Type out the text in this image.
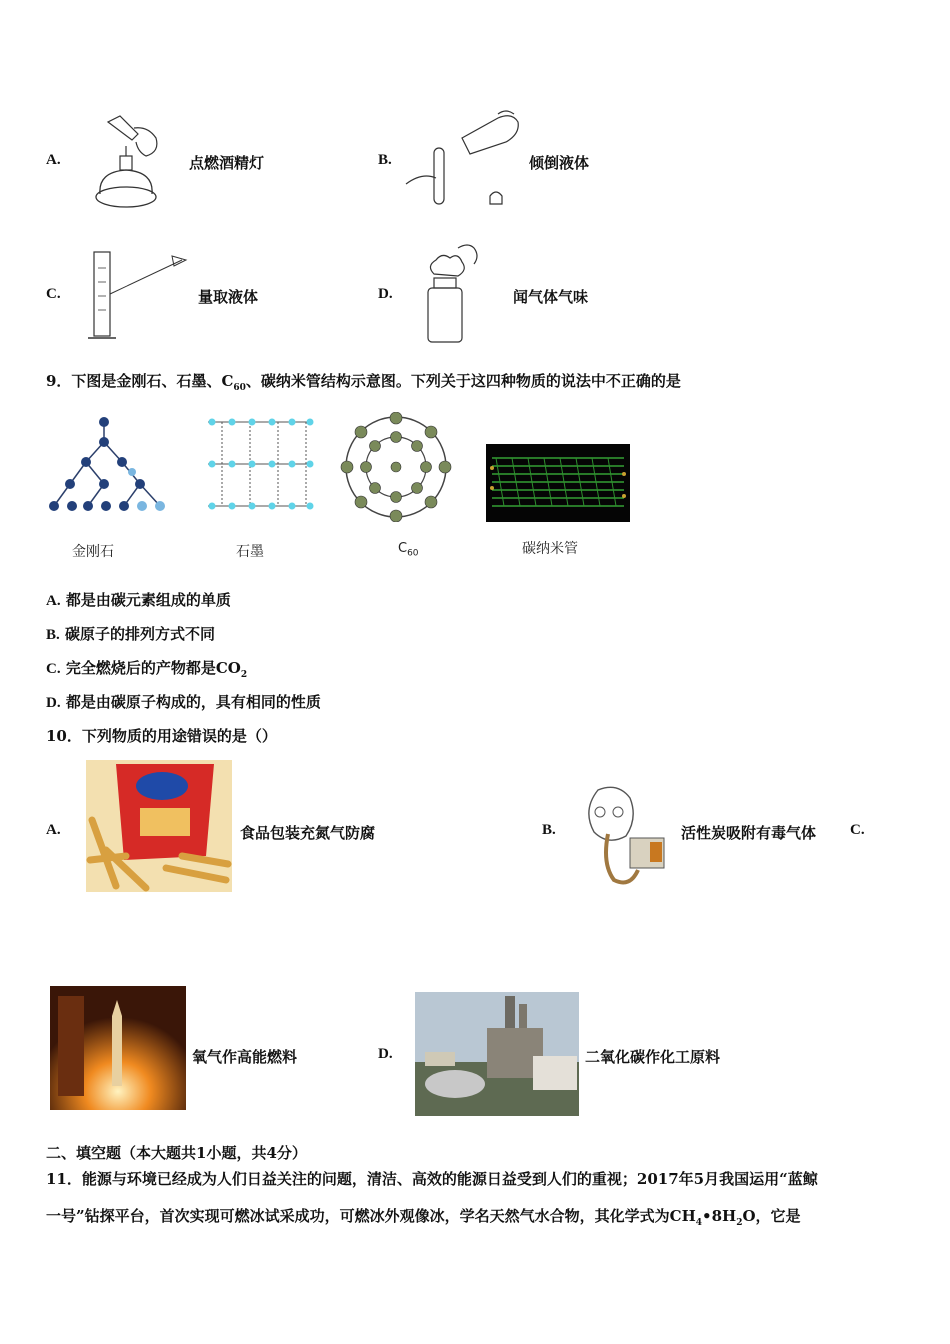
A.	点燃酒精灯	B.	倾倒液体
C.	量取液体	D.	闻气体气味
9．下图是金刚石、石墨、$C_{60}$、碳纳米管结构示意图。下列关于这四种物质的说法中不正确的是
金刚石	石墨	$C_{60}$	碳纳米管
A. 都是由碳元素组成的单质
B. 碳原子的排列方式不同
C. 完全燃烧后的产物都是$CO_2$
D. 都是由碳原子构成的，具有相同的性质
10．下列物质的用途错误的是（）
A.	食品包装充氮气防腐	B.	活性炭吸附有毒气体 C.
氧气作高能燃料	D.	二氧化碳作化工原料
二、填空题（本大题共1小题，共4分）
11．能源与环境已经成为人们日益关注的问题，清洁、高效的能源日益受到人们的重视；2017年5月我国运用“蓝鲸
一号”钻探平台，首次实现可燃冰试采成功，可燃冰外观像冰，学名天然气水合物，其化学式为$CH_4•8H_2O$，它是
